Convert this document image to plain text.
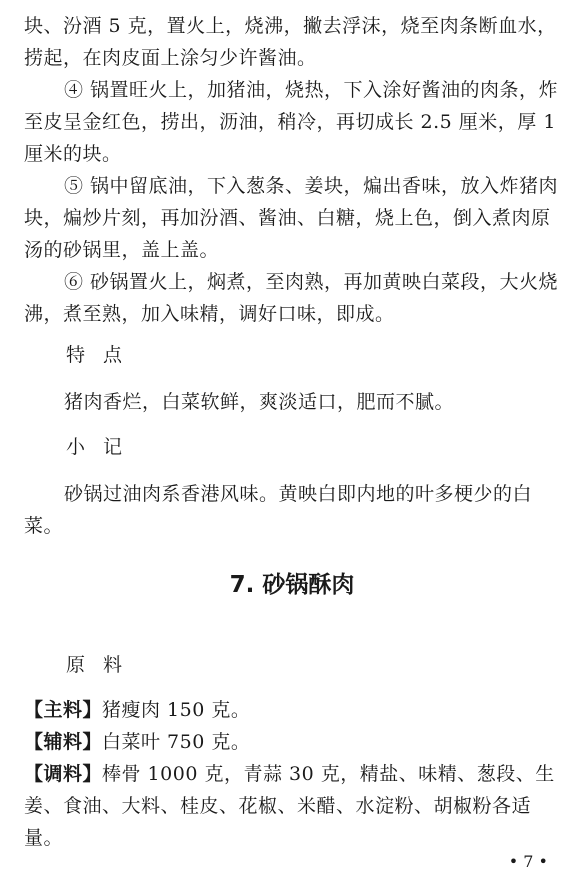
块、汾酒 5 克，置火上，烧沸，撇去浮沫，烧至肉条断血水，捞起，在肉皮面上涂匀少许酱油。

④ 锅置旺火上，加猪油，烧热，下入涂好酱油的肉条，炸至皮呈金红色，捞出，沥油，稍冷，再切成长 2.5 厘米，厚 1 厘米的块。

⑤ 锅中留底油，下入葱条、姜块，煸出香味，放入炸猪肉块，煸炒片刻，再加汾酒、酱油、白糖，烧上色，倒入煮肉原汤的砂锅里，盖上盖。

⑥ 砂锅置火上，焖煮，至肉熟，再加黄映白菜段，大火烧沸，煮至熟，加入味精，调好口味，即成。

特点

猪肉香烂，白菜软鲜，爽淡适口，肥而不腻。

小记

砂锅过油肉系香港风味。黄映白即内地的叶多梗少的白菜。

7. 砂锅酥肉

原料

【主料】猪瘦肉 150 克。

【辅料】白菜叶 750 克。

【调料】棒骨 1000 克，青蒜 30 克，精盐、味精、葱段、生姜、食油、大料、桂皮、花椒、米醋、水淀粉、胡椒粉各适量。

• 7 •
